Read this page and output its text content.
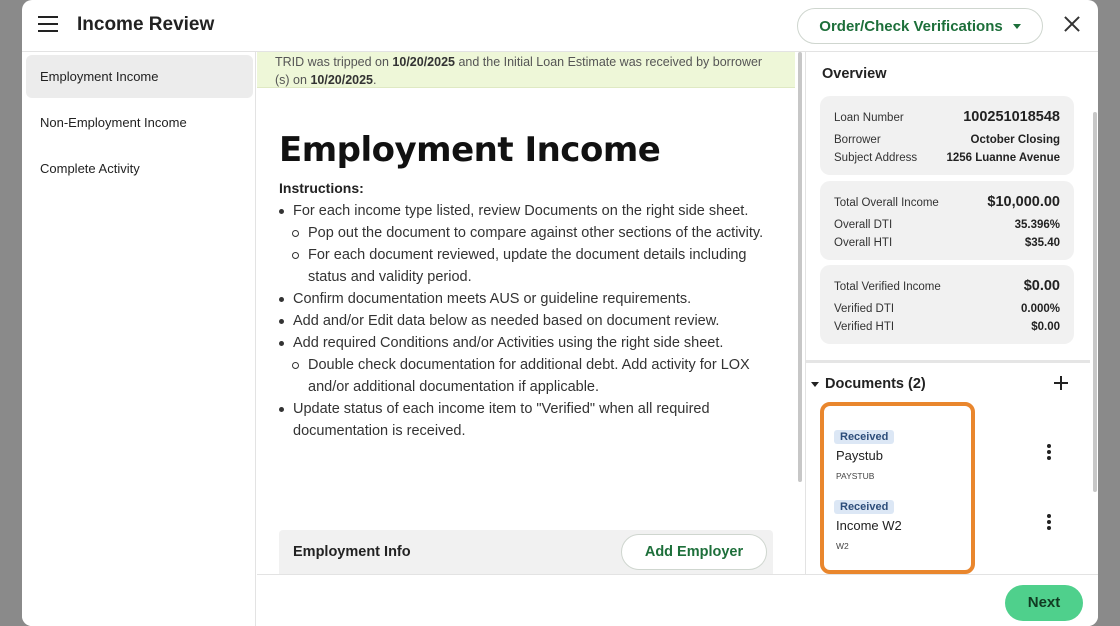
Income Review	Order/Check Verifications
Employment Income
Non-Employment Income
Complete Activity
TRID was tripped on 10/20/2025 and the Initial Loan Estimate was received by borrower (s) on 10/20/2025.
Employment Income
Instructions:
For each income type listed, review Documents on the right side sheet.
Pop out the document to compare against other sections of the activity.
For each document reviewed, update the document details including status and validity period.
Confirm documentation meets AUS or guideline requirements.
Add and/or Edit data below as needed based on document review.
Add required Conditions and/or Activities using the right side sheet.
Double check documentation for additional debt. Add activity for LOX and/or additional documentation if applicable.
Update status of each income item to "Verified" when all required documentation is received.
Employment Info	Add Employer
Overview
Loan Number	100251018548
Borrower	October Closing
Subject Address	1256 Luanne Avenue
Total Overall Income	$10,000.00
Overall DTI	35.396%
Overall HTI	$35.40
Total Verified Income	$0.00
Verified DTI	0.000%
Verified HTI	$0.00
Documents (2)
Received
Paystub
PAYSTUB
Received
Income W2
W2
Next
